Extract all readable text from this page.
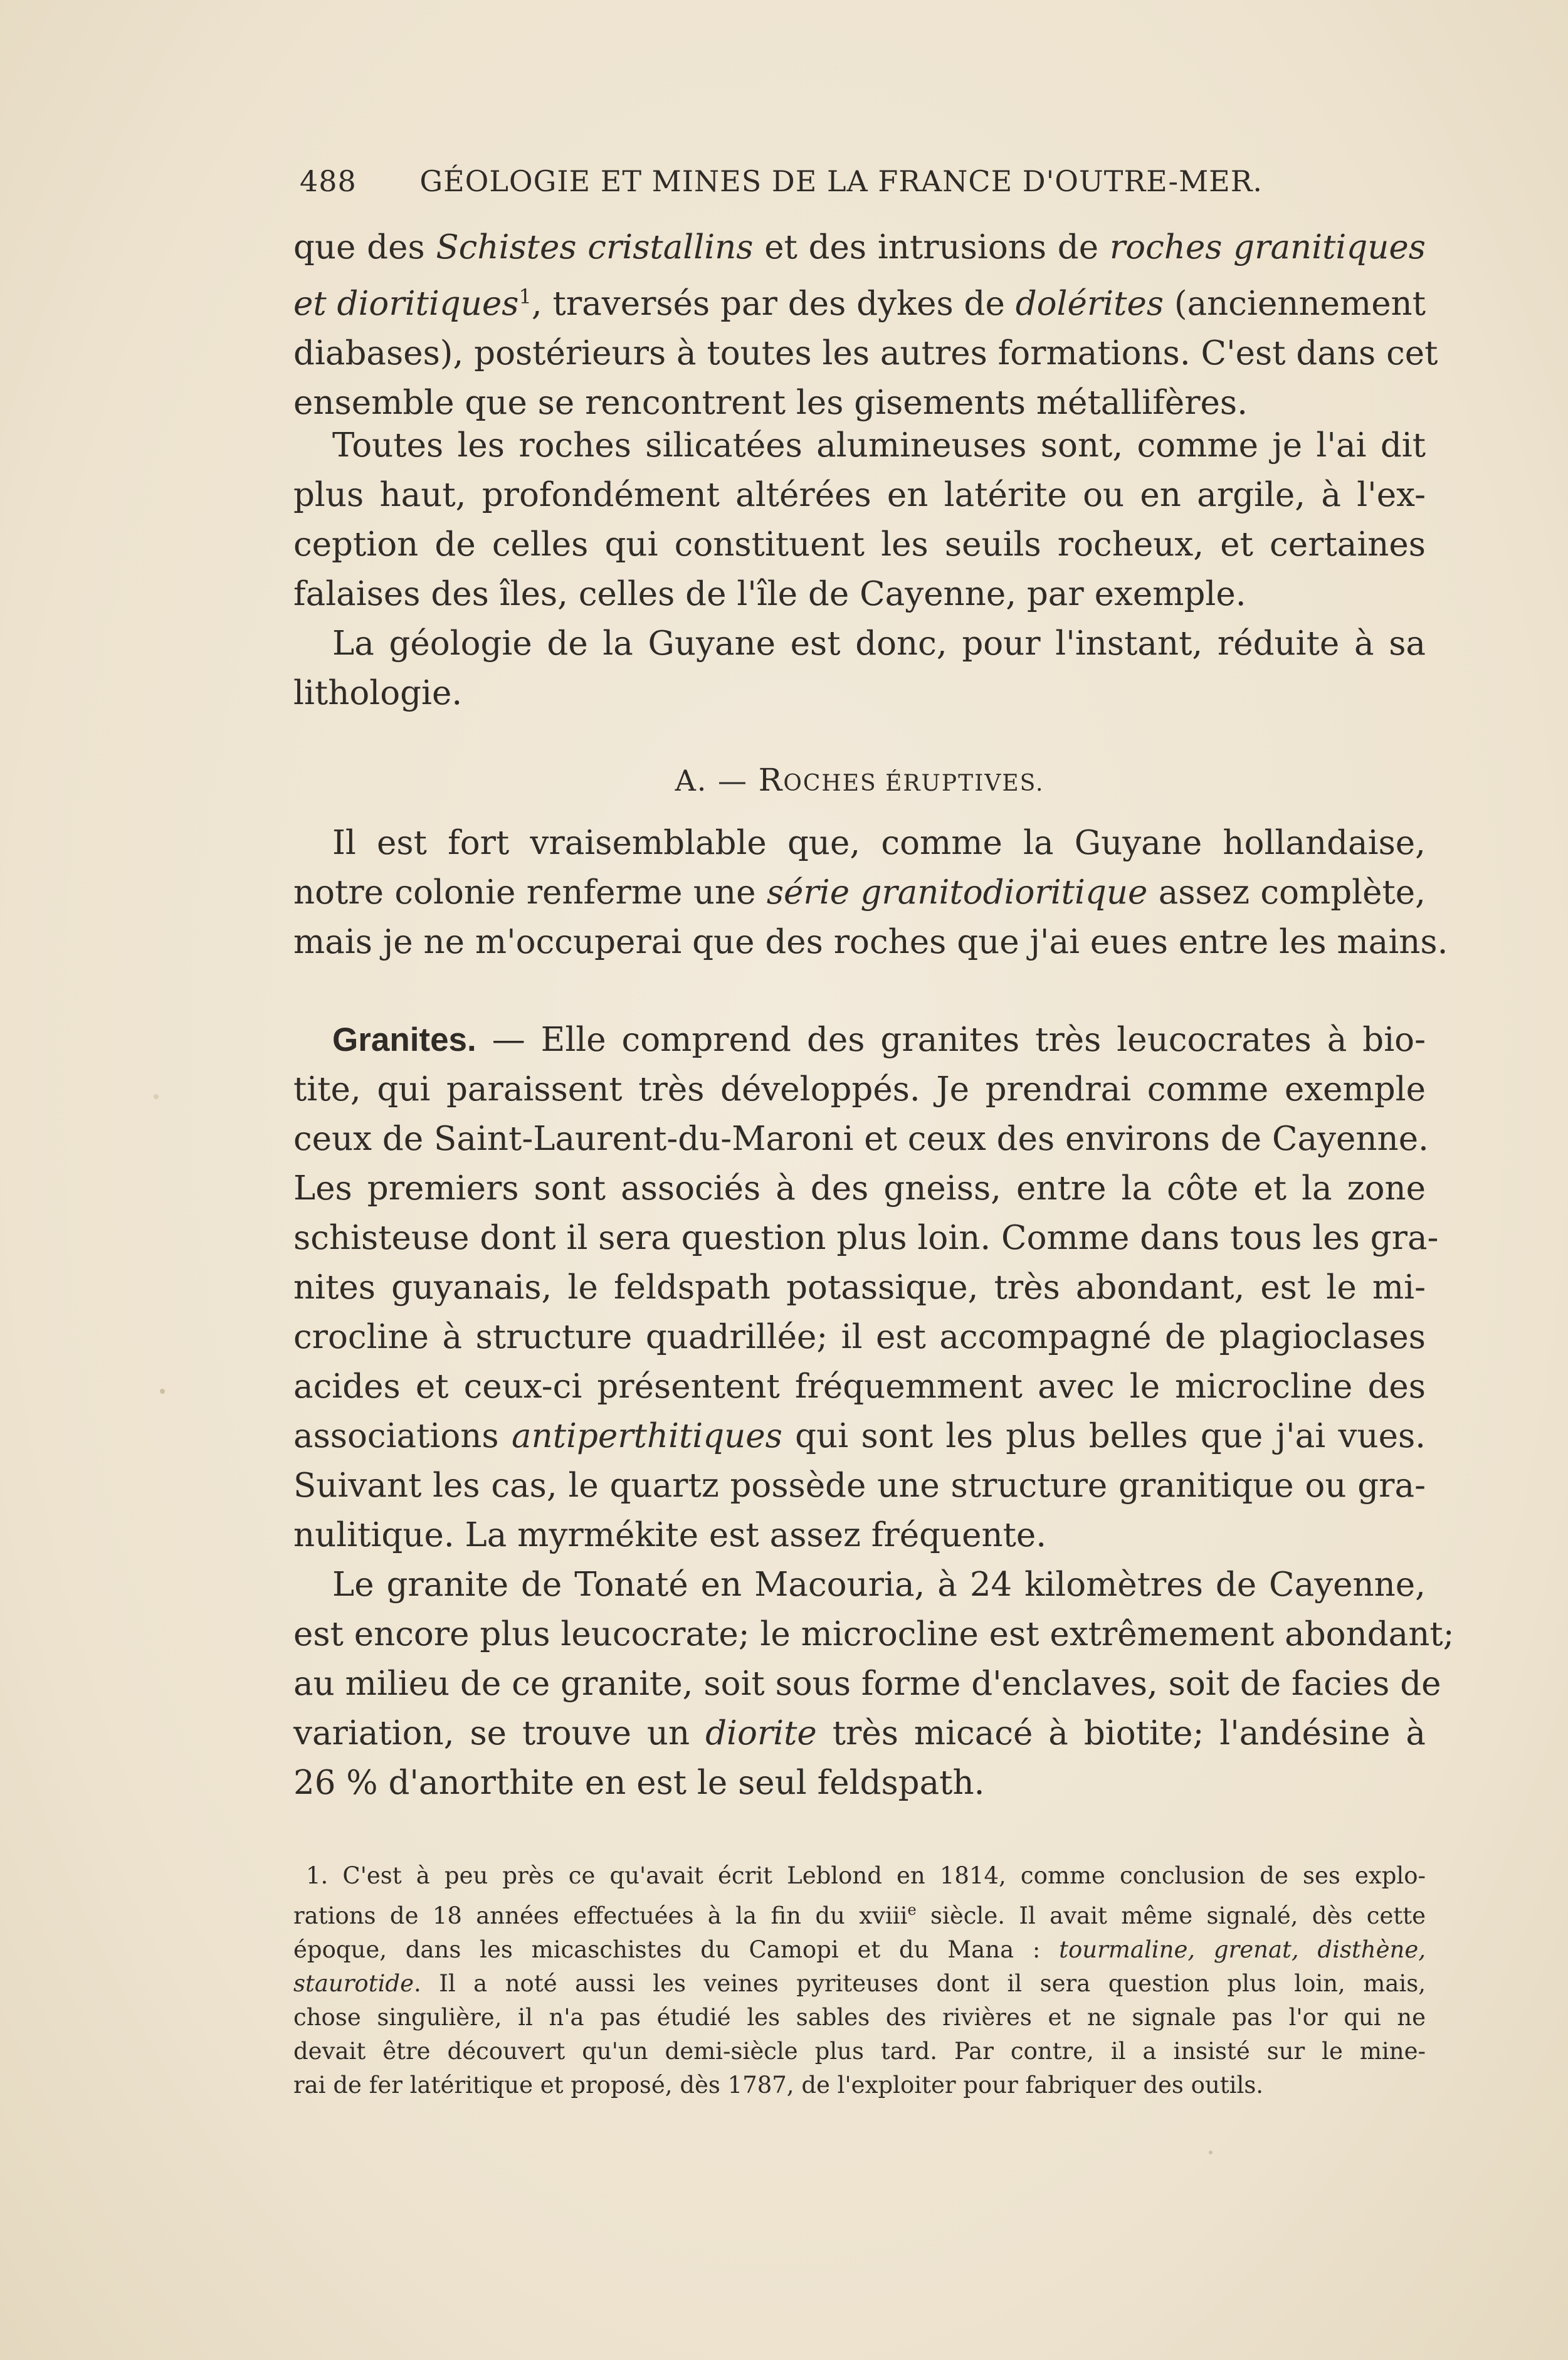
488 GÉOLOGIE ET MINES DE LA FRANCE D'OUTRE-MER.

que des Schistes cristallins et des intrusions de roches granitiques
et dioritiques$^1$, traversés par des dykes de dolérites (anciennement
diabases), postérieurs à toutes les autres formations. C'est dans cet
ensemble que se rencontrent les gisements métallifères.

Toutes les roches silicatées alumineuses sont, comme je l'ai dit
plus haut, profondément altérées en latérite ou en argile, à l'ex-
ception de celles qui constituent les seuils rocheux, et certaines
falaises des îles, celles de l'île de Cayenne, par exemple.

La géologie de la Guyane est donc, pour l'instant, réduite à sa
lithologie.

A. — ROCHES ÉRUPTIVES.

Il est fort vraisemblable que, comme la Guyane hollandaise,
notre colonie renferme une série granitodioritique assez complète,
mais je ne m'occuperai que des roches que j'ai eues entre les mains.

Granites. — Elle comprend des granites très leucocrates à bio-
tite, qui paraissent très développés. Je prendrai comme exemple
ceux de Saint-Laurent-du-Maroni et ceux des environs de Cayenne.
Les premiers sont associés à des gneiss, entre la côte et la zone
schisteuse dont il sera question plus loin. Comme dans tous les gra-
nites guyanais, le feldspath potassique, très abondant, est le mi-
crocline à structure quadrillée; il est accompagné de plagioclases
acides et ceux-ci présentent fréquemment avec le microcline des
associations antiperthitiques qui sont les plus belles que j'ai vues.
Suivant les cas, le quartz possède une structure granitique ou gra-
nulitique. La myrmékite est assez fréquente.

Le granite de Tonaté en Macouria, à 24 kilomètres de Cayenne,
est encore plus leucocrate; le microcline est extrêmement abondant;
au milieu de ce granite, soit sous forme d'enclaves, soit de facies de
variation, se trouve un diorite très micacé à biotite; l'andésine à
26 % d'anorthite en est le seul feldspath.

1. C'est à peu près ce qu'avait écrit Leblond en 1814, comme conclusion de ses explo-
rations de 18 années effectuées à la fin du xviii$^e$ siècle. Il avait même signalé, dès cette
époque, dans les micaschistes du Camopi et du Mana : tourmaline, grenat, disthène,
staurotide. Il a noté aussi les veines pyriteuses dont il sera question plus loin, mais,
chose singulière, il n'a pas étudié les sables des rivières et ne signale pas l'or qui ne
devait être découvert qu'un demi-siècle plus tard. Par contre, il a insisté sur le mine-
rai de fer latéritique et proposé, dès 1787, de l'exploiter pour fabriquer des outils.
